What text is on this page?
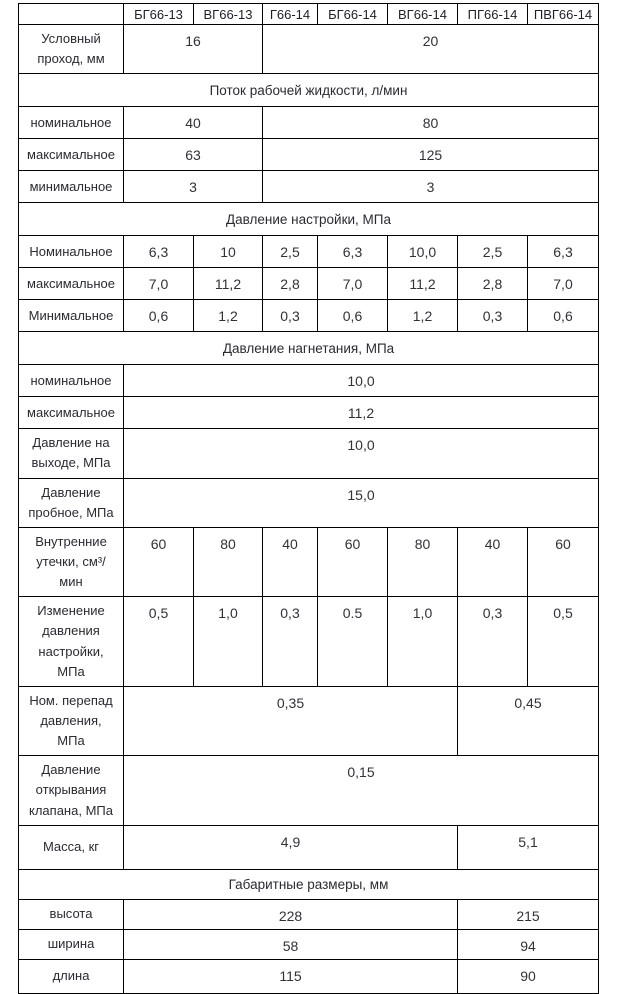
	БГ66-13	ВГ66-13	Г66-14	БГ66-14	ВГ66-14	ПГ66-14	ПВГ66-14
Условный проход, мм	16		20				
Поток рабочей жидкости, л/мин							
номинальное	40		80				
максимальное	63		125				
минимальное	3		3				
Давление настройки, МПа							
Номинальное	6,3	10	2,5	6,3	10,0	2,5	6,3
максимальное	7,0	11,2	2,8	7,0	11,2	2,8	7,0
Минимальное	0,6	1,2	0,3	0,6	1,2	0,3	0,6
Давление нагнетания, МПа							
номинальное	10,0						
максимальное	11,2						
Давление на выходе, МПа	10,0						
Давление пробное, МПа	15,0						
Внутренние утечки, см³/мин	60	80	40	60	80	40	60
Изменение давления настройки, МПа	0,5	1,0	0,3	0.5	1,0	0,3	0,5
Ном. перепад давления, МПа	0,35					0,45	
Давление открывания клапана, МПа	0,15						
Масса, кг	4,9					5,1	
Габаритные размеры, мм							
высота	228					215	
ширина	58					94	
длина	115					90	
